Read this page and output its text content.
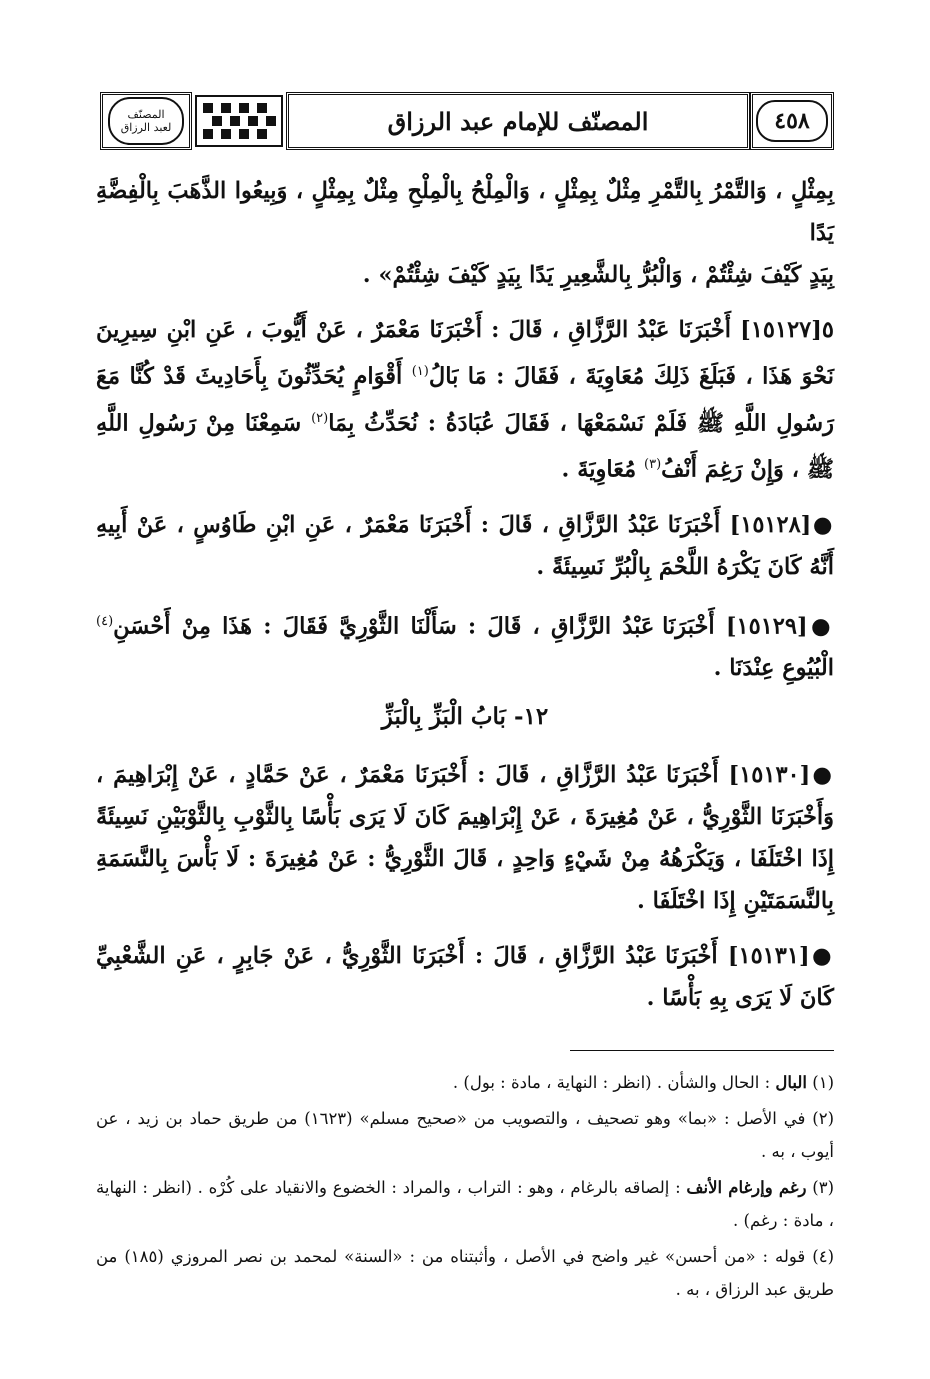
المصنّف
لعبد الرزاق	المصنّف للإمام عبد الرزاق	٤٥٨

بِمِثْلٍ ، وَالتَّمْرُ بِالتَّمْرِ مِثْلٌ بِمِثْلٍ ، وَالْمِلْحُ بِالْمِلْحِ مِثْلٌ بِمِثْلٍ ، وَبِيعُوا الذَّهَبَ بِالْفِضَّةِ يَدًا

بِيَدٍ كَيْفَ شِئْتُمْ ، وَالْبُرُّ بِالشَّعِيرِ يَدًا بِيَدٍ كَيْفَ شِئْتُمْ» .

٥[١٥١٢٧] أَخْبَرَنَا عَبْدُ الرَّزَّاقِ ، قَالَ : أَخْبَرَنَا مَعْمَرٌ ، عَنْ أَيُّوبَ ، عَنِ ابْنِ سِيرِينَ نَحْوَ هَذَا ، فَبَلَغَ ذَلِكَ مُعَاوِيَةَ ، فَقَالَ : مَا بَالُ$^{(١)}$ أَقْوَامٍ يُحَدِّثُونَ بِأَحَادِيثَ قَدْ كُنَّا مَعَ رَسُولِ اللَّهِ ﷺ فَلَمْ نَسْمَعْهَا ، فَقَالَ عُبَادَةُ : نُحَدِّثُ بِمَا$^{(٢)}$ سَمِعْنَا مِنْ رَسُولِ اللَّهِ ﷺ ، وَإِنْ رَغِمَ أَنْفُ$^{(٣)}$ مُعَاوِيَةَ .

●[١٥١٢٨] أَخْبَرَنَا عَبْدُ الرَّزَّاقِ ، قَالَ : أَخْبَرَنَا مَعْمَرٌ ، عَنِ ابْنِ طَاوُسٍ ، عَنْ أَبِيهِ أَنَّهُ كَانَ يَكْرَهُ اللَّحْمَ بِالْبُرِّ نَسِيئَةً .

●[١٥١٢٩] أَخْبَرَنَا عَبْدُ الرَّزَّاقِ ، قَالَ : سَأَلْنَا الثَّوْرِيَّ فَقَالَ : هَذَا مِنْ أَحْسَنِ$^{(٤)}$ الْبُيُوعِ عِنْدَنَا .

١٢- بَابُ الْبَزِّ بِالْبَزِّ

●[١٥١٣٠] أَخْبَرَنَا عَبْدُ الرَّزَّاقِ ، قَالَ : أَخْبَرَنَا مَعْمَرٌ ، عَنْ حَمَّادٍ ، عَنْ إِبْرَاهِيمَ ، وَأَخْبَرَنَا الثَّوْرِيُّ ، عَنْ مُغِيرَةَ ، عَنْ إِبْرَاهِيمَ كَانَ لَا يَرَى بَأْسًا بِالثَّوْبِ بِالثَّوْبَيْنِ نَسِيئَةً إِذَا اخْتَلَفَا ، وَيَكْرَهُهُ مِنْ شَيْءٍ وَاحِدٍ ، قَالَ الثَّوْرِيُّ : عَنْ مُغِيرَةَ : لَا بَأْسَ بِالنَّسَمَةِ بِالنَّسَمَتَيْنِ إِذَا اخْتَلَفَا .

●[١٥١٣١] أَخْبَرَنَا عَبْدُ الرَّزَّاقِ ، قَالَ : أَخْبَرَنَا الثَّوْرِيُّ ، عَنْ جَابِرٍ ، عَنِ الشَّعْبِيِّ كَانَ لَا يَرَى بِهِ بَأْسًا .

(١) البال : الحال والشأن . (انظر : النهاية ، مادة : بول) .

(٢) في الأصل : «بما» وهو تصحيف ، والتصويب من «صحيح مسلم» (١٦٢٣) من طريق حماد بن زيد ، عن أيوب ، به .

(٣) رغم وإرغام الأنف : إلصاقه بالرغام ، وهو : التراب ، والمراد : الخضوع والانقياد على كُرْه . (انظر : النهاية ، مادة : رغم) .

(٤) قوله : «من أحسن» غير واضح في الأصل ، وأثبتناه من : «السنة» لمحمد بن نصر المروزي (١٨٥) من طريق عبد الرزاق ، به .
